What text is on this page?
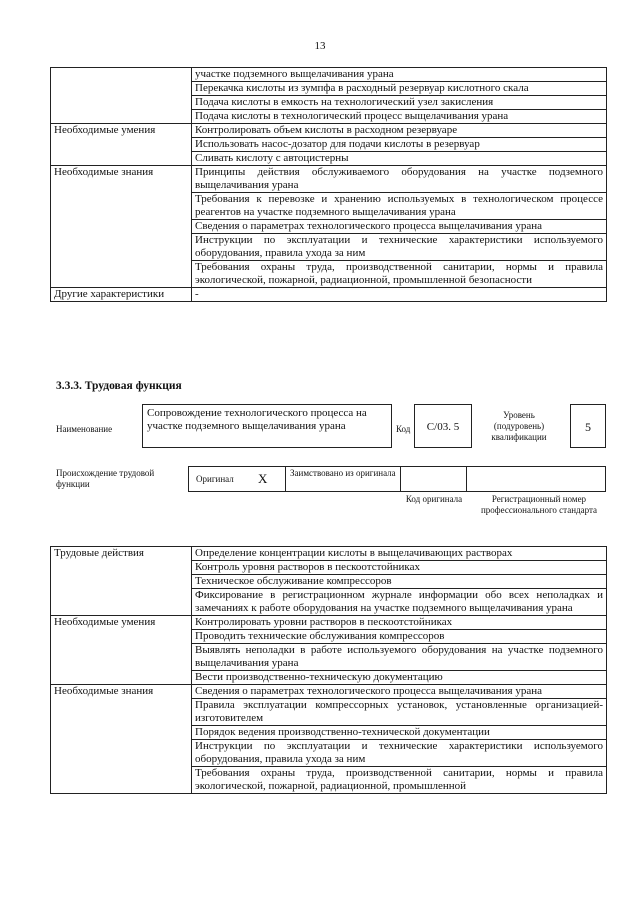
13
	участке подземного выщелачивания урана
	Перекачка кислоты из зумпфа в расходный резервуар кислотного скала
	Подача кислоты в емкость на технологический узел закисления
	Подача кислоты в технологический процесс выщелачивания урана
Необходимые умения	Контролировать объем кислоты в расходном резервуаре
	Использовать насос-дозатор для подачи кислоты в резервуар
	Сливать кислоту с автоцистерны
Необходимые знания	Принципы действия обслуживаемого оборудования на участке подземного выщелачивания урана
	Требования к перевозке и хранению используемых в технологическом процессе реагентов на участке подземного выщелачивания урана
	Сведения о параметрах технологического процесса выщелачивания урана
	Инструкции по эксплуатации и технические характеристики используемого оборудования, правила ухода за ним
	Требования охраны труда, производственной санитарии, нормы и правила экологической, пожарной, радиационной, промышленной безопасности
Другие характеристики	-
3.3.3. Трудовая функция
Наименование
Сопровождение технологического процесса на участке подземного выщелачивания урана	Код	С/03. 5
Уровень (подуровень) квалификации
5
Происхождение трудовой функции	Оригинал X	Заимствовано из оригинала
Код оригинала	Регистрационный номер профессионального стандарта
Трудовые действия	Определение концентрации кислоты в выщелачивающих растворах
	Контроль уровня растворов в пескоотстойниках
	Техническое обслуживание компрессоров
	Фиксирование в регистрационном журнале информации обо всех неполадках и замечаниях к работе оборудования на участке подземного выщелачивания урана
Необходимые умения	Контролировать уровни растворов в пескоотстойниках
	Проводить технические обслуживания компрессоров
	Выявлять неполадки в работе используемого оборудования на участке подземного выщелачивания урана
	Вести производственно-техническую документацию
Необходимые знания	Сведения о параметрах технологического процесса выщелачивания урана
	Правила эксплуатации компрессорных установок, установленные организацией-изготовителем
	Порядок ведения производственно-технической документации
	Инструкции по эксплуатации и технические характеристики используемого оборудования, правила ухода за ним
	Требования охраны труда, производственной санитарии, нормы и правила экологической, пожарной, радиационной, промышленной
